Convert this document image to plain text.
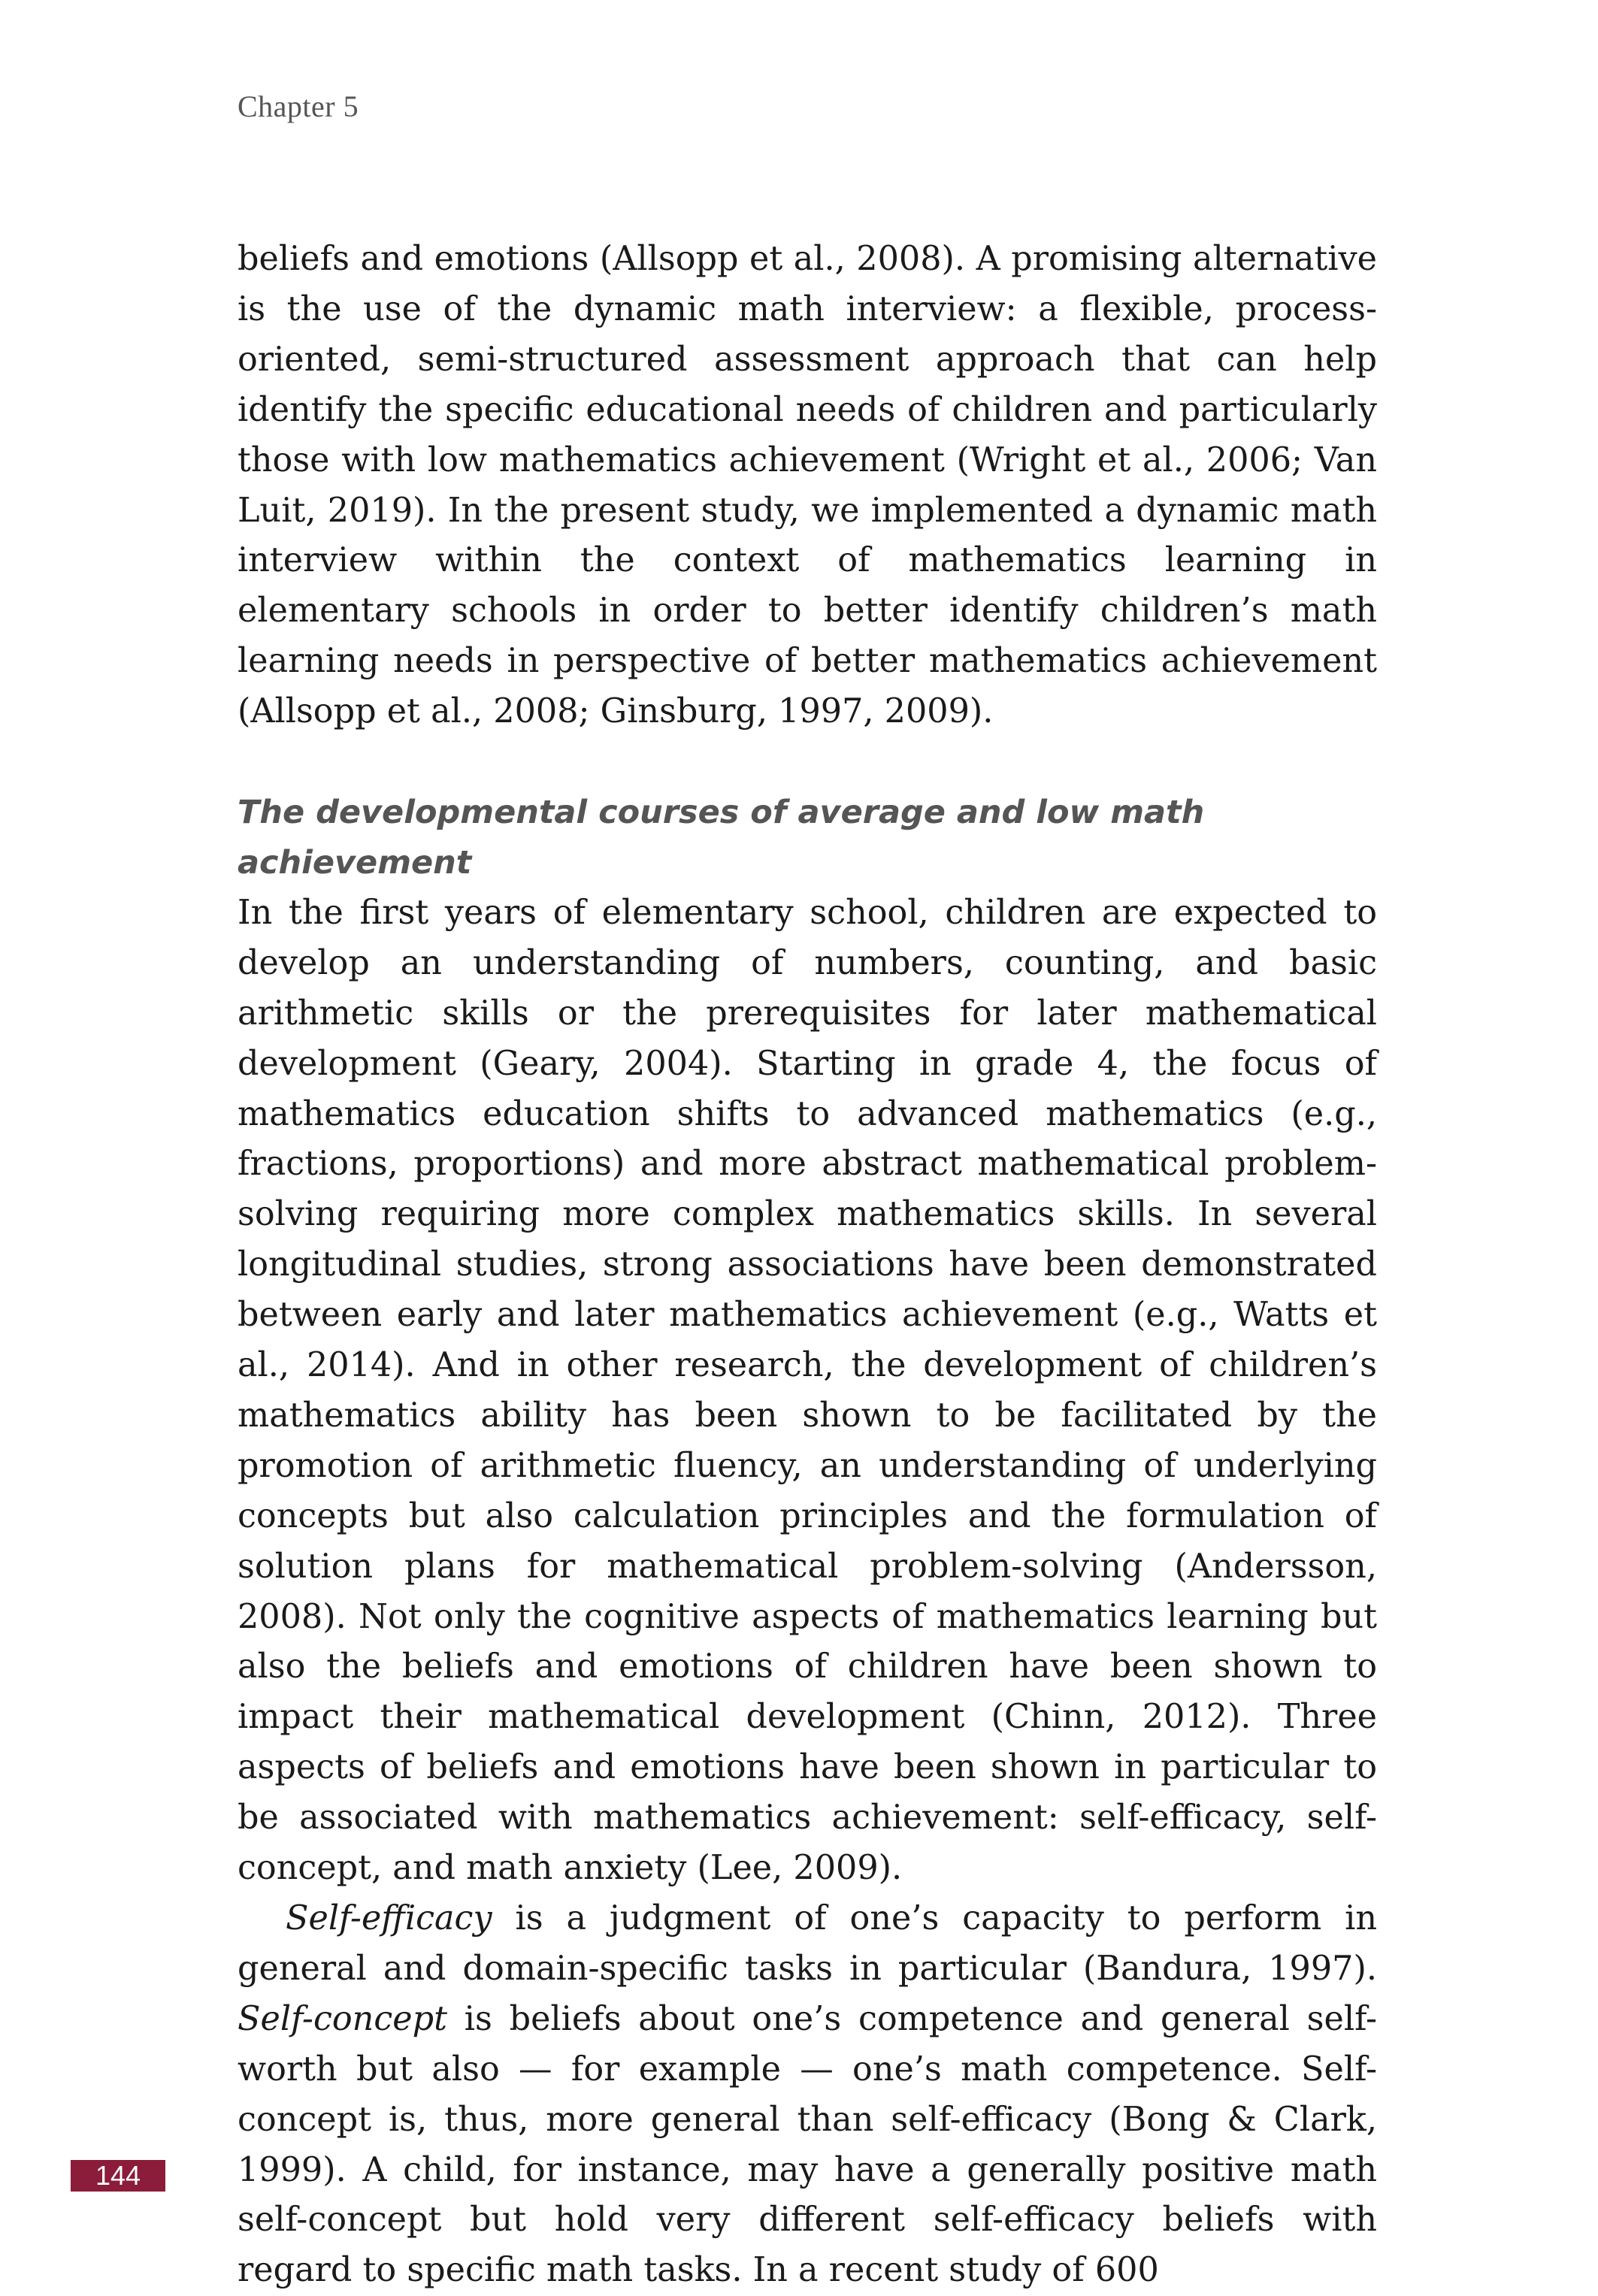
Chapter 5

beliefs and emotions (Allsopp et al., 2008). A promising alternative is the use of the dynamic math interview: a flexible, process-oriented, semi-structured assessment approach that can help identify the specific educational needs of children and particularly those with low mathematics achievement (Wright et al., 2006; Van Luit, 2019). In the present study, we implemented a dynamic math interview within the context of mathematics learning in elementary schools in order to better identify children’s math learning needs in perspective of better mathematics achievement (Allsopp et al., 2008; Ginsburg, 1997, 2009).

The developmental courses of average and low math achievement

In the first years of elementary school, children are expected to develop an understanding of numbers, counting, and basic arithmetic skills or the prerequisites for later mathematical development (Geary, 2004). Starting in grade 4, the focus of mathematics education shifts to advanced mathematics (e.g., fractions, proportions) and more abstract mathematical problem-solving requiring more complex mathematics skills. In several longitudinal studies, strong associations have been demonstrated between early and later mathematics achievement (e.g., Watts et al., 2014). And in other research, the development of children’s mathematics ability has been shown to be facilitated by the promotion of arithmetic fluency, an understanding of underlying concepts but also calculation principles and the formulation of solution plans for mathematical problem-solving (Andersson, 2008). Not only the cognitive aspects of mathematics learning but also the beliefs and emotions of children have been shown to impact their mathematical development (Chinn, 2012). Three aspects of beliefs and emotions have been shown in particular to be associated with mathematics achievement: self-efficacy, self-concept, and math anxiety (Lee, 2009).

Self-efficacy is a judgment of one’s capacity to perform in general and domain-specific tasks in particular (Bandura, 1997). Self-concept is beliefs about one’s competence and general self-worth but also — for example — one’s math competence. Self-concept is, thus, more general than self-efficacy (Bong & Clark, 1999). A child, for instance, may have a generally positive math self-concept but hold very different self-efficacy beliefs with regard to specific math tasks. In a recent study of 600

144
